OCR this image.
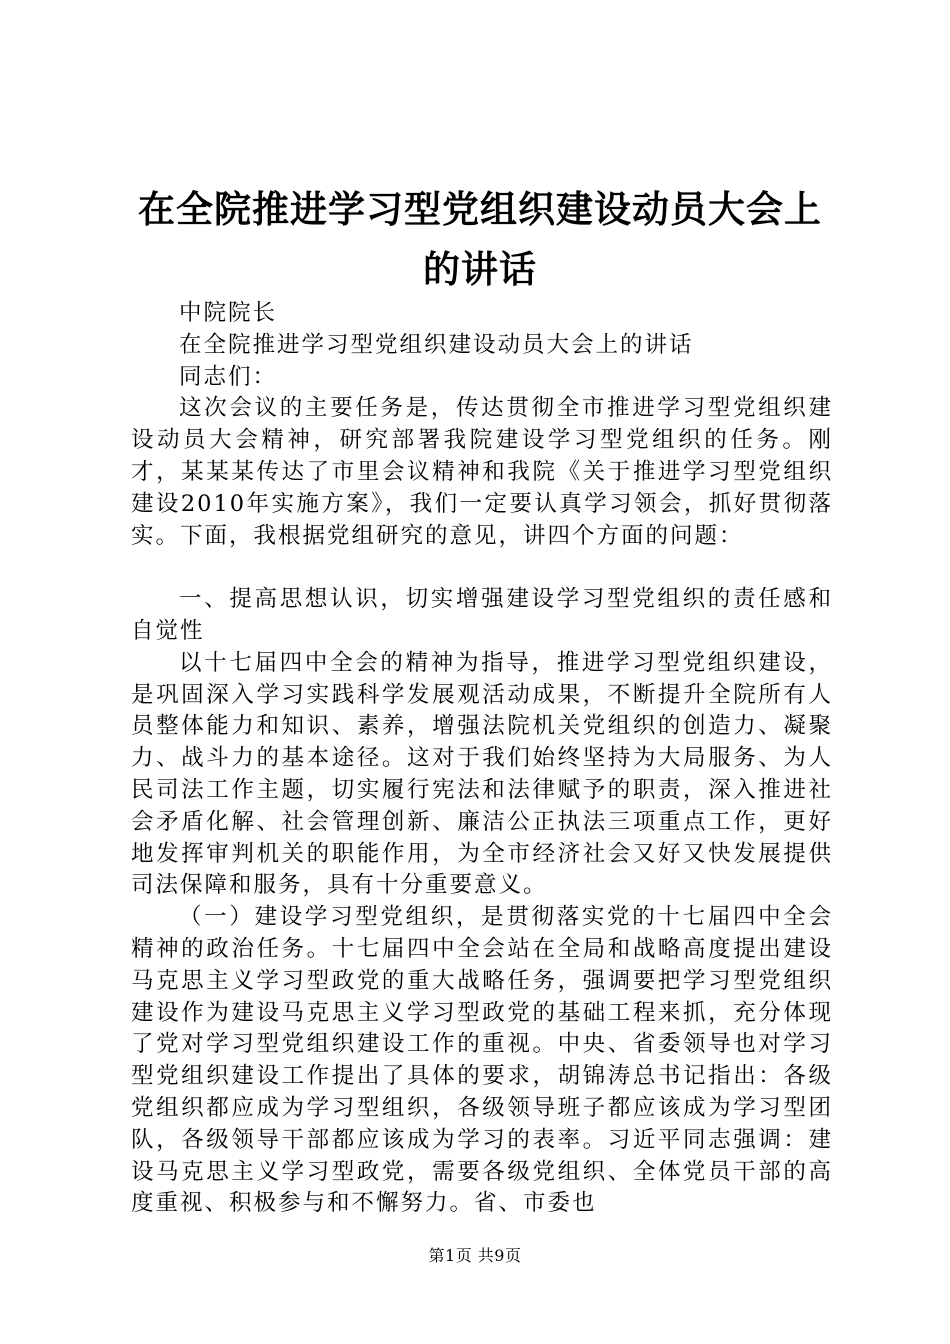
在全院推进学习型党组织建设动员大会上的讲话

中院院长

在全院推进学习型党组织建设动员大会上的讲话

同志们：

这次会议的主要任务是，传达贯彻全市推进学习型党组织建设动员大会精神，研究部署我院建设学习型党组织的任务。刚才，某某某传达了市里会议精神和我院《关于推进学习型党组织建设2010年实施方案》，我们一定要认真学习领会，抓好贯彻落实。下面，我根据党组研究的意见，讲四个方面的问题：

一、提高思想认识，切实增强建设学习型党组织的责任感和自觉性

以十七届四中全会的精神为指导，推进学习型党组织建设，是巩固深入学习实践科学发展观活动成果，不断提升全院所有人员整体能力和知识、素养，增强法院机关党组织的创造力、凝聚力、战斗力的基本途径。这对于我们始终坚持为大局服务、为人民司法工作主题，切实履行宪法和法律赋予的职责，深入推进社会矛盾化解、社会管理创新、廉洁公正执法三项重点工作，更好地发挥审判机关的职能作用，为全市经济社会又好又快发展提供司法保障和服务，具有十分重要意义。

（一）建设学习型党组织，是贯彻落实党的十七届四中全会精神的政治任务。十七届四中全会站在全局和战略高度提出建设马克思主义学习型政党的重大战略任务，强调要把学习型党组织建设作为建设马克思主义学习型政党的基础工程来抓，充分体现了党对学习型党组织建设工作的重视。中央、省委领导也对学习型党组织建设工作提出了具体的要求，胡锦涛总书记指出：各级党组织都应成为学习型组织，各级领导班子都应该成为学习型团队，各级领导干部都应该成为学习的表率。习近平同志强调：建设马克思主义学习型政党，需要各级党组织、全体党员干部的高度重视、积极参与和不懈努力。省、市委也

第1页 共9页
